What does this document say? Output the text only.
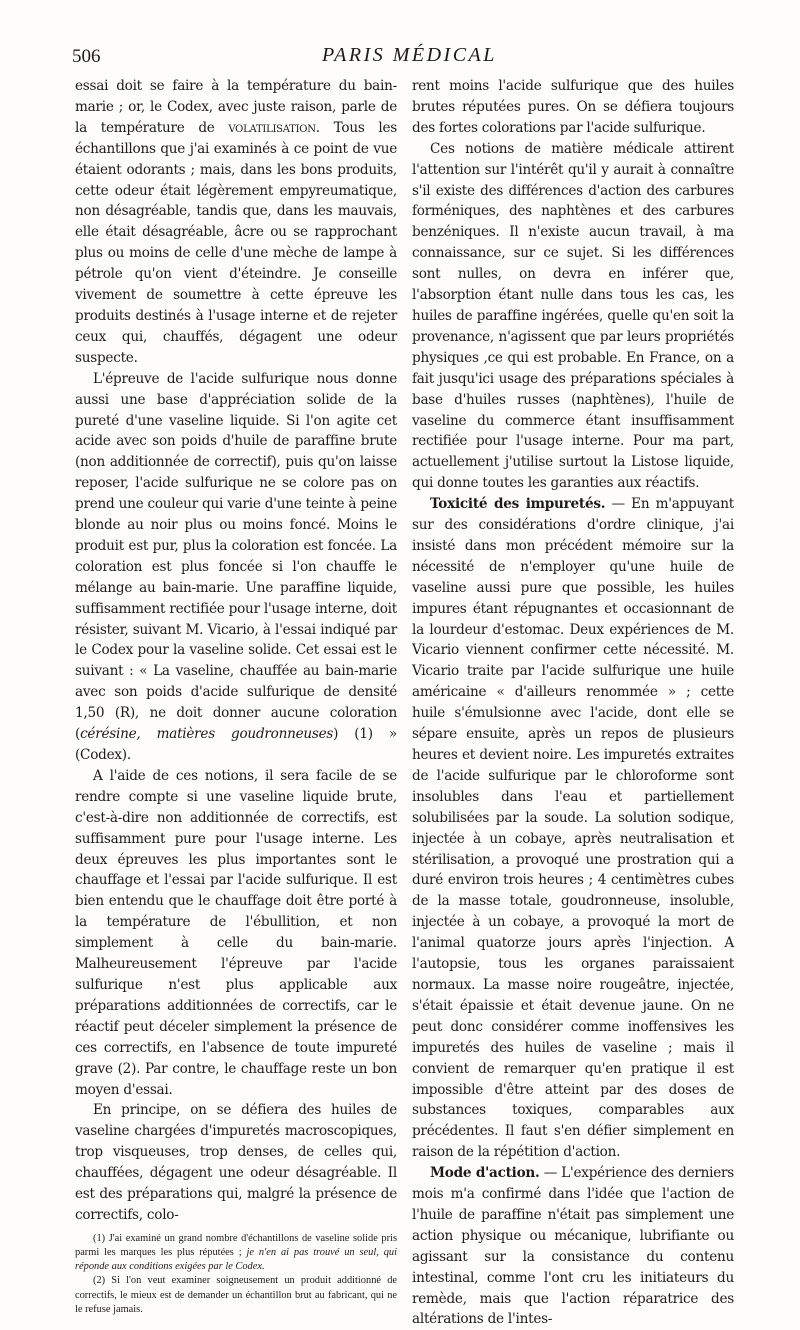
506	PARIS MÉDICAL

essai doit se faire à la température du bain-marie ; or, le Codex, avec juste raison, parle de la température de volatilisation. Tous les échantillons que j'ai examinés à ce point de vue étaient odorants ; mais, dans les bons produits, cette odeur était légèrement empyreumatique, non désagréable, tandis que, dans les mauvais, elle était désagréable, âcre ou se rapprochant plus ou moins de celle d'une mèche de lampe à pétrole qu'on vient d'éteindre. Je conseille vivement de soumettre à cette épreuve les produits destinés à l'usage interne et de rejeter ceux qui, chauffés, dégagent une odeur suspecte.

L'épreuve de l'acide sulfurique nous donne aussi une base d'appréciation solide de la pureté d'une vaseline liquide. Si l'on agite cet acide avec son poids d'huile de paraffine brute (non additionnée de correctif), puis qu'on laisse reposer, l'acide sulfurique ne se colore pas on prend une couleur qui varie d'une teinte à peine blonde au noir plus ou moins foncé. Moins le produit est pur, plus la coloration est foncée. La coloration est plus foncée si l'on chauffe le mélange au bain-marie. Une paraffine liquide, suffisamment rectifiée pour l'usage interne, doit résister, suivant M. Vicario, à l'essai indiqué par le Codex pour la vaseline solide. Cet essai est le suivant : « La vaseline, chauffée au bain-marie avec son poids d'acide sulfurique de densité 1,50 (R), ne doit donner aucune coloration (cérésine, matières goudronneuses) (1) » (Codex).

A l'aide de ces notions, il sera facile de se rendre compte si une vaseline liquide brute, c'est-à-dire non additionnée de correctifs, est suffisamment pure pour l'usage interne. Les deux épreuves les plus importantes sont le chauffage et l'essai par l'acide sulfurique. Il est bien entendu que le chauffage doit être porté à la température de l'ébullition, et non simplement à celle du bain-marie. Malheureusement l'épreuve par l'acide sulfurique n'est plus applicable aux préparations additionnées de correctifs, car le réactif peut déceler simplement la présence de ces correctifs, en l'absence de toute impureté grave (2). Par contre, le chauffage reste un bon moyen d'essai.

En principe, on se défiera des huiles de vaseline chargées d'impuretés macroscopiques, trop visqueuses, trop denses, de celles qui, chauffées, dégagent une odeur désagréable. Il est des préparations qui, malgré la présence de correctifs, colo-

(1) J'ai examiné un grand nombre d'échantillons de vaseline solide pris parmi les marques les plus réputées ; je n'en ai pas trouvé un seul, qui réponde aux conditions exigées par le Codex.

(2) Si l'on veut examiner soigneusement un produit additionné de correctifs, le mieux est de demander un échantillon brut au fabricant, qui ne le refuse jamais.

rent moins l'acide sulfurique que des huiles brutes réputées pures. On se défiera toujours des fortes colorations par l'acide sulfurique.

Ces notions de matière médicale attirent l'attention sur l'intérêt qu'il y aurait à connaître s'il existe des différences d'action des carbures forméniques, des naphtènes et des carbures benzéniques. Il n'existe aucun travail, à ma connaissance, sur ce sujet. Si les différences sont nulles, on devra en inférer que, l'absorption étant nulle dans tous les cas, les huiles de paraffine ingérées, quelle qu'en soit la provenance, n'agissent que par leurs propriétés physiques ,ce qui est probable. En France, on a fait jusqu'ici usage des préparations spéciales à base d'huiles russes (naphtènes), l'huile de vaseline du commerce étant insuffisamment rectifiée pour l'usage interne. Pour ma part, actuellement j'utilise surtout la Listose liquide, qui donne toutes les garanties aux réactifs.

Toxicité des impuretés. — En m'appuyant sur des considérations d'ordre clinique, j'ai insisté dans mon précédent mémoire sur la nécessité de n'employer qu'une huile de vaseline aussi pure que possible, les huiles impures étant répugnantes et occasionnant de la lourdeur d'estomac. Deux expériences de M. Vicario viennent confirmer cette nécessité. M. Vicario traite par l'acide sulfurique une huile américaine « d'ailleurs renommée » ; cette huile s'émulsionne avec l'acide, dont elle se sépare ensuite, après un repos de plusieurs heures et devient noire. Les impuretés extraites de l'acide sulfurique par le chloroforme sont insolubles dans l'eau et partiellement solubilisées par la soude. La solution sodique, injectée à un cobaye, après neutralisation et stérilisation, a provoqué une prostration qui a duré environ trois heures ; 4 centimètres cubes de la masse totale, goudronneuse, insoluble, injectée à un cobaye, a provoqué la mort de l'animal quatorze jours après l'injection. A l'autopsie, tous les organes paraissaient normaux. La masse noire rougeâtre, injectée, s'était épaissie et était devenue jaune. On ne peut donc considérer comme inoffensives les impuretés des huiles de vaseline ; mais il convient de remarquer qu'en pratique il est impossible d'être atteint par des doses de substances toxiques, comparables aux précédentes. Il faut s'en défier simplement en raison de la répétition d'action.

Mode d'action. — L'expérience des derniers mois m'a confirmé dans l'idée que l'action de l'huile de paraffine n'était pas simplement une action physique ou mécanique, lubrifiante ou agissant sur la consistance du contenu intestinal, comme l'ont cru les initiateurs du remède, mais que l'action réparatrice des altérations de l'intes-
